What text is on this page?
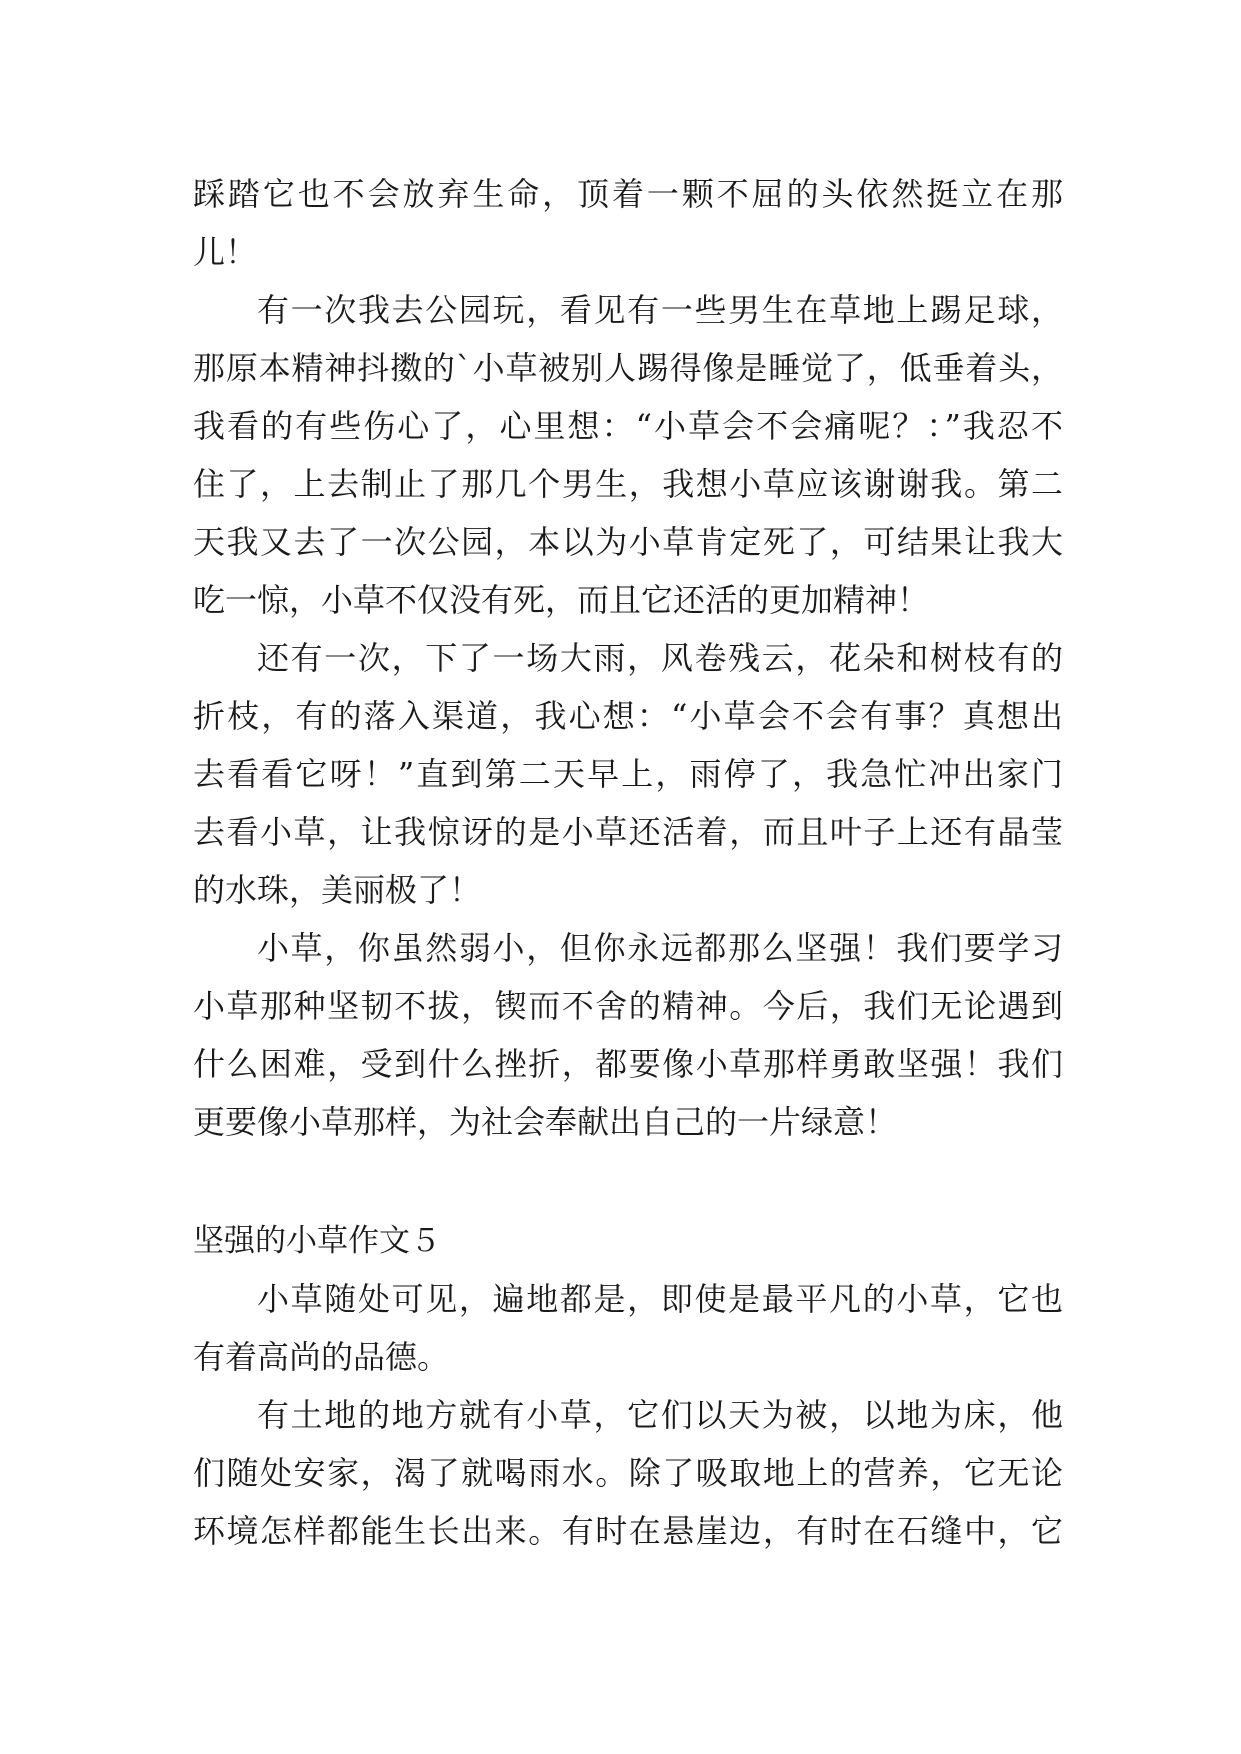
踩踏它也不会放弃生命，顶着一颗不屈的头依然挺立在那
儿！
有一次我去公园玩，看见有一些男生在草地上踢足球，
那原本精神抖擞的`小草被别人踢得像是睡觉了，低垂着头，
我看的有些伤心了，心里想：“小草会不会痛呢？：”我忍不
住了，上去制止了那几个男生，我想小草应该谢谢我。第二
天我又去了一次公园，本以为小草肯定死了，可结果让我大
吃一惊，小草不仅没有死，而且它还活的更加精神！
还有一次，下了一场大雨，风卷残云，花朵和树枝有的
折枝，有的落入渠道，我心想：“小草会不会有事？真想出
去看看它呀！”直到第二天早上，雨停了，我急忙冲出家门
去看小草，让我惊讶的是小草还活着，而且叶子上还有晶莹
的水珠，美丽极了！
小草，你虽然弱小，但你永远都那么坚强！我们要学习
小草那种坚韧不拔，锲而不舍的精神。今后，我们无论遇到
什么困难，受到什么挫折，都要像小草那样勇敢坚强！我们
更要像小草那样，为社会奉献出自己的一片绿意！
坚强的小草作文５
小草随处可见，遍地都是，即使是最平凡的小草，它也
有着高尚的品德。
有土地的地方就有小草，它们以天为被，以地为床，他
们随处安家，渴了就喝雨水。除了吸取地上的营养，它无论
环境怎样都能生长出来。有时在悬崖边，有时在石缝中，它
